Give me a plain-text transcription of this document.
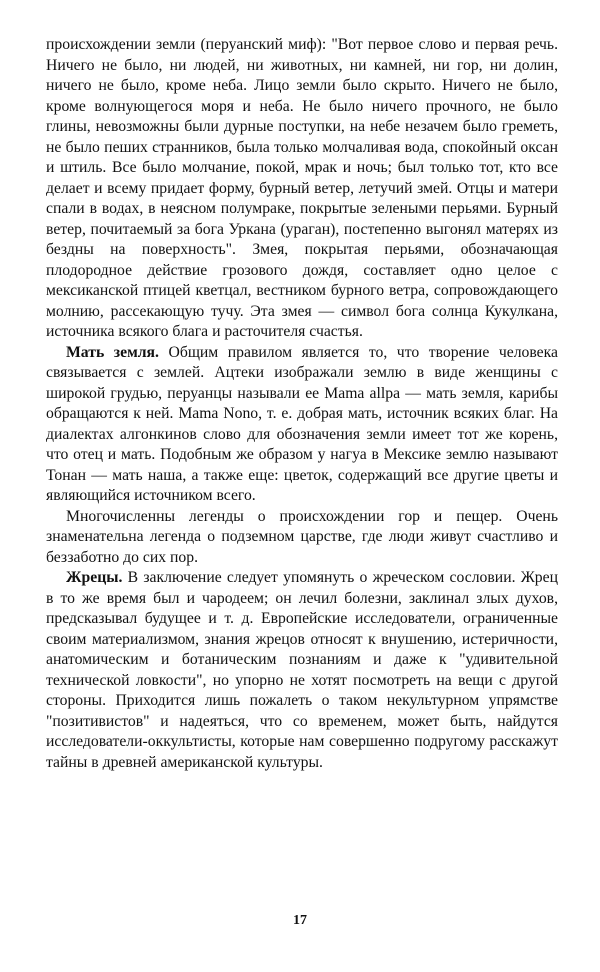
происхождении земли (перуанский миф): "Вот первое слово и первая речь. Ничего не было, ни людей, ни животных, ни камней, ни гор, ни долин, ничего не было, кроме неба. Лицо земли было скрыто. Ничего не было, кроме волнующегося моря и неба. Не было ничего прочного, не было глины, невозможны были дурные поступки, на небе незачем было греметь, не было пеших странников, была только молчаливая вода, спокойный оксан и штиль. Все было молчание, покой, мрак и ночь; был только тот, кто все делает и всему придает форму, бурный ветер, летучий змей. Отцы и матери спали в водах, в неясном полумраке, покрытые зелеными перьями. Бурный ветер, почитаемый за бога Уркана (ураган), постепенно выгонял матерях из бездны на поверхность". Змея, покрытая перьями, обозначающая плодородное действие грозового дождя, составляет одно целое с мексиканской птицей кветцал, вестником бурного ветра, сопровождающего молнию, рассекающую тучу. Эта змея — символ бога солнца Кукулкана, источника всякого блага и расточителя счастья.

Мать земля. Общим правилом является то, что творение человека связывается с землей. Ацтеки изображали землю в виде женщины с широкой грудью, перуанцы называли ее Mama allpa — мать земля, карибы обращаются к ней. Mama Nono, т. е. добрая мать, источник всяких благ. На диалектах алгонкинов слово для обозначения земли имеет тот же корень, что отец и мать. Подобным же образом у нагуа в Мексике землю называют Тонан — мать наша, а также еще: цветок, содержащий все другие цветы и являющийся источником всего.

Многочисленны легенды о происхождении гор и пещер. Очень знаменательна легенда о подземном царстве, где люди живут счастливо и беззаботно до сих пор.

Жрецы. В заключение следует упомянуть о жреческом сословии. Жрец в то же время был и чародеем; он лечил болезни, заклинал злых духов, предсказывал будущее и т. д. Европейские исследователи, ограниченные своим материализмом, знания жрецов относят к внушению, истеричности, анатомическим и ботаническим познаниям и даже к "удивительной технической ловкости", но упорно не хотят посмотреть на вещи с другой стороны. Приходится лишь пожалеть о таком некультурном упрямстве "позитивистов" и надеяться, что со временем, может быть, найдутся исследователи-оккультисты, которые нам совершенно подругому расскажут тайны в древней американской культуры.

17
